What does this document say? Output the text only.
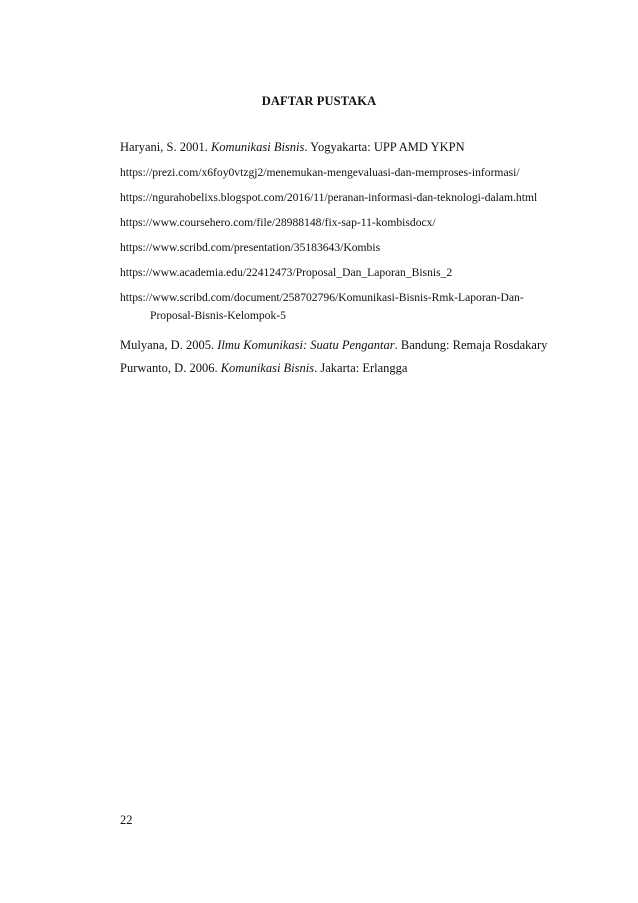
DAFTAR PUSTAKA
Haryani, S. 2001. Komunikasi Bisnis. Yogyakarta: UPP AMD YKPN
https://prezi.com/x6foy0vtzgj2/menemukan-mengevaluasi-dan-memproses-informasi/
https://ngurahobelixs.blogspot.com/2016/11/peranan-informasi-dan-teknologi-dalam.html
https://www.coursehero.com/file/28988148/fix-sap-11-kombisdocx/
https://www.scribd.com/presentation/35183643/Kombis
https://www.academia.edu/22412473/Proposal_Dan_Laporan_Bisnis_2
https://www.scribd.com/document/258702796/Komunikasi-Bisnis-Rmk-Laporan-Dan-Proposal-Bisnis-Kelompok-5
Mulyana, D. 2005. Ilmu Komunikasi: Suatu Pengantar. Bandung: Remaja Rosdakary
Purwanto, D. 2006. Komunikasi Bisnis. Jakarta: Erlangga
22
